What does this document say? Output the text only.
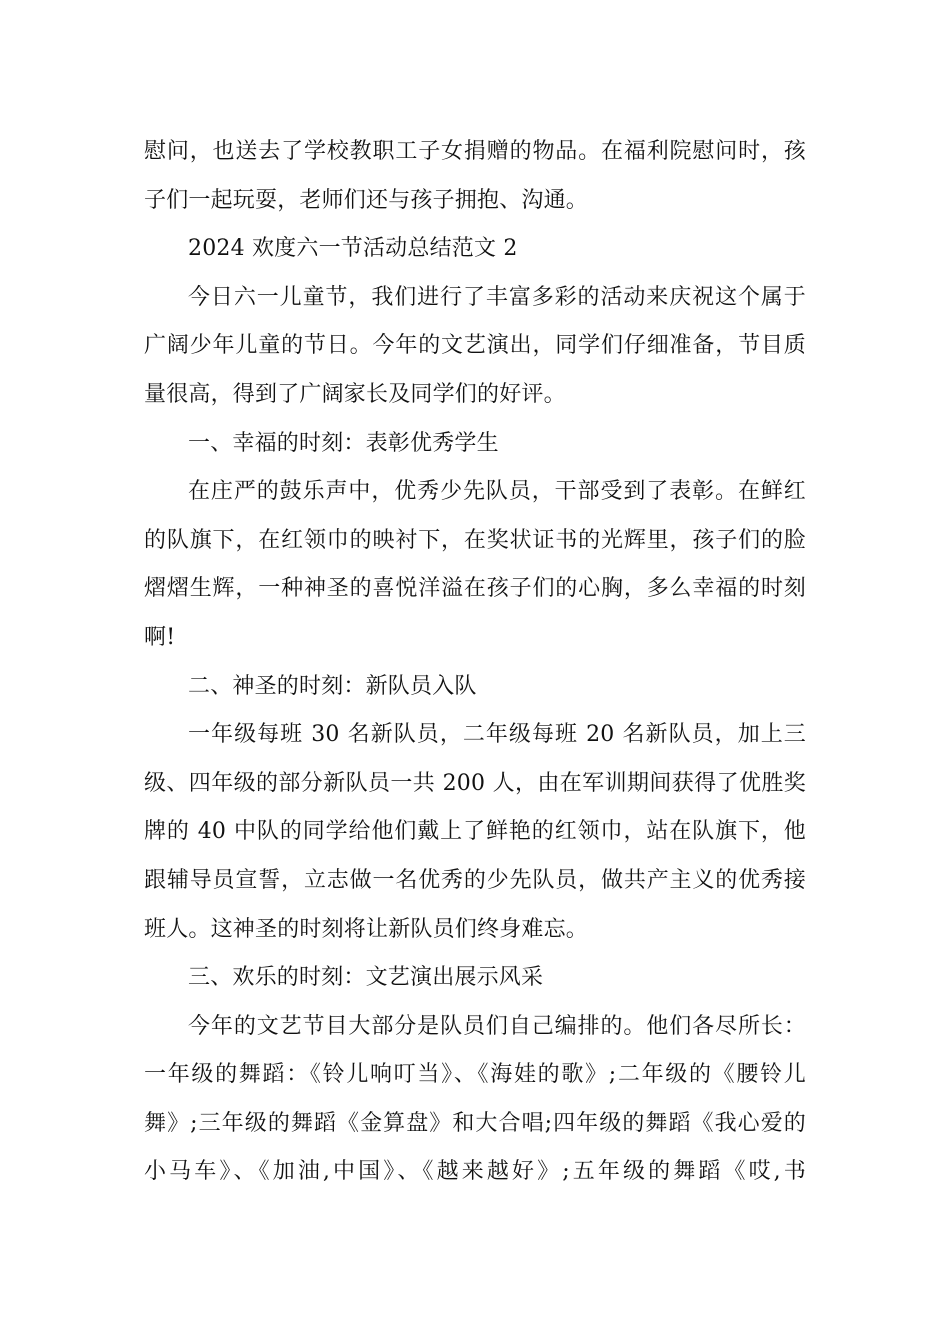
慰问，也送去了学校教职工子女捐赠的物品。在福利院慰问时，孩
子们一起玩耍，老师们还与孩子拥抱、沟通。
2024 欢度六一节活动总结范文 2
今日六一儿童节，我们进行了丰富多彩的活动来庆祝这个属于
广阔少年儿童的节日。今年的文艺演出，同学们仔细准备，节目质
量很高，得到了广阔家长及同学们的好评。
一、幸福的时刻：表彰优秀学生
在庄严的鼓乐声中，优秀少先队员，干部受到了表彰。在鲜红
的队旗下，在红领巾的映衬下，在奖状证书的光辉里，孩子们的脸
熠熠生辉，一种神圣的喜悦洋溢在孩子们的心胸，多么幸福的时刻
啊!
二、神圣的时刻：新队员入队
一年级每班 30 名新队员，二年级每班 20 名新队员，加上三
级、四年级的部分新队员一共 200 人，由在军训期间获得了优胜奖
牌的 40 中队的同学给他们戴上了鲜艳的红领巾，站在队旗下，他
跟辅导员宣誓，立志做一名优秀的少先队员，做共产主义的优秀接
班人。这神圣的时刻将让新队员们终身难忘。
三、欢乐的时刻：文艺演出展示风采
今年的文艺节目大部分是队员们自己编排的。他们各尽所长：
一年级的舞蹈：《铃儿响叮当》、《海娃的歌》;二年级的《腰铃儿
舞》;三年级的舞蹈《金算盘》和大合唱;四年级的舞蹈《我心爱的
小马车》、《加油,中国》、《越来越好》;五年级的舞蹈《哎,书
